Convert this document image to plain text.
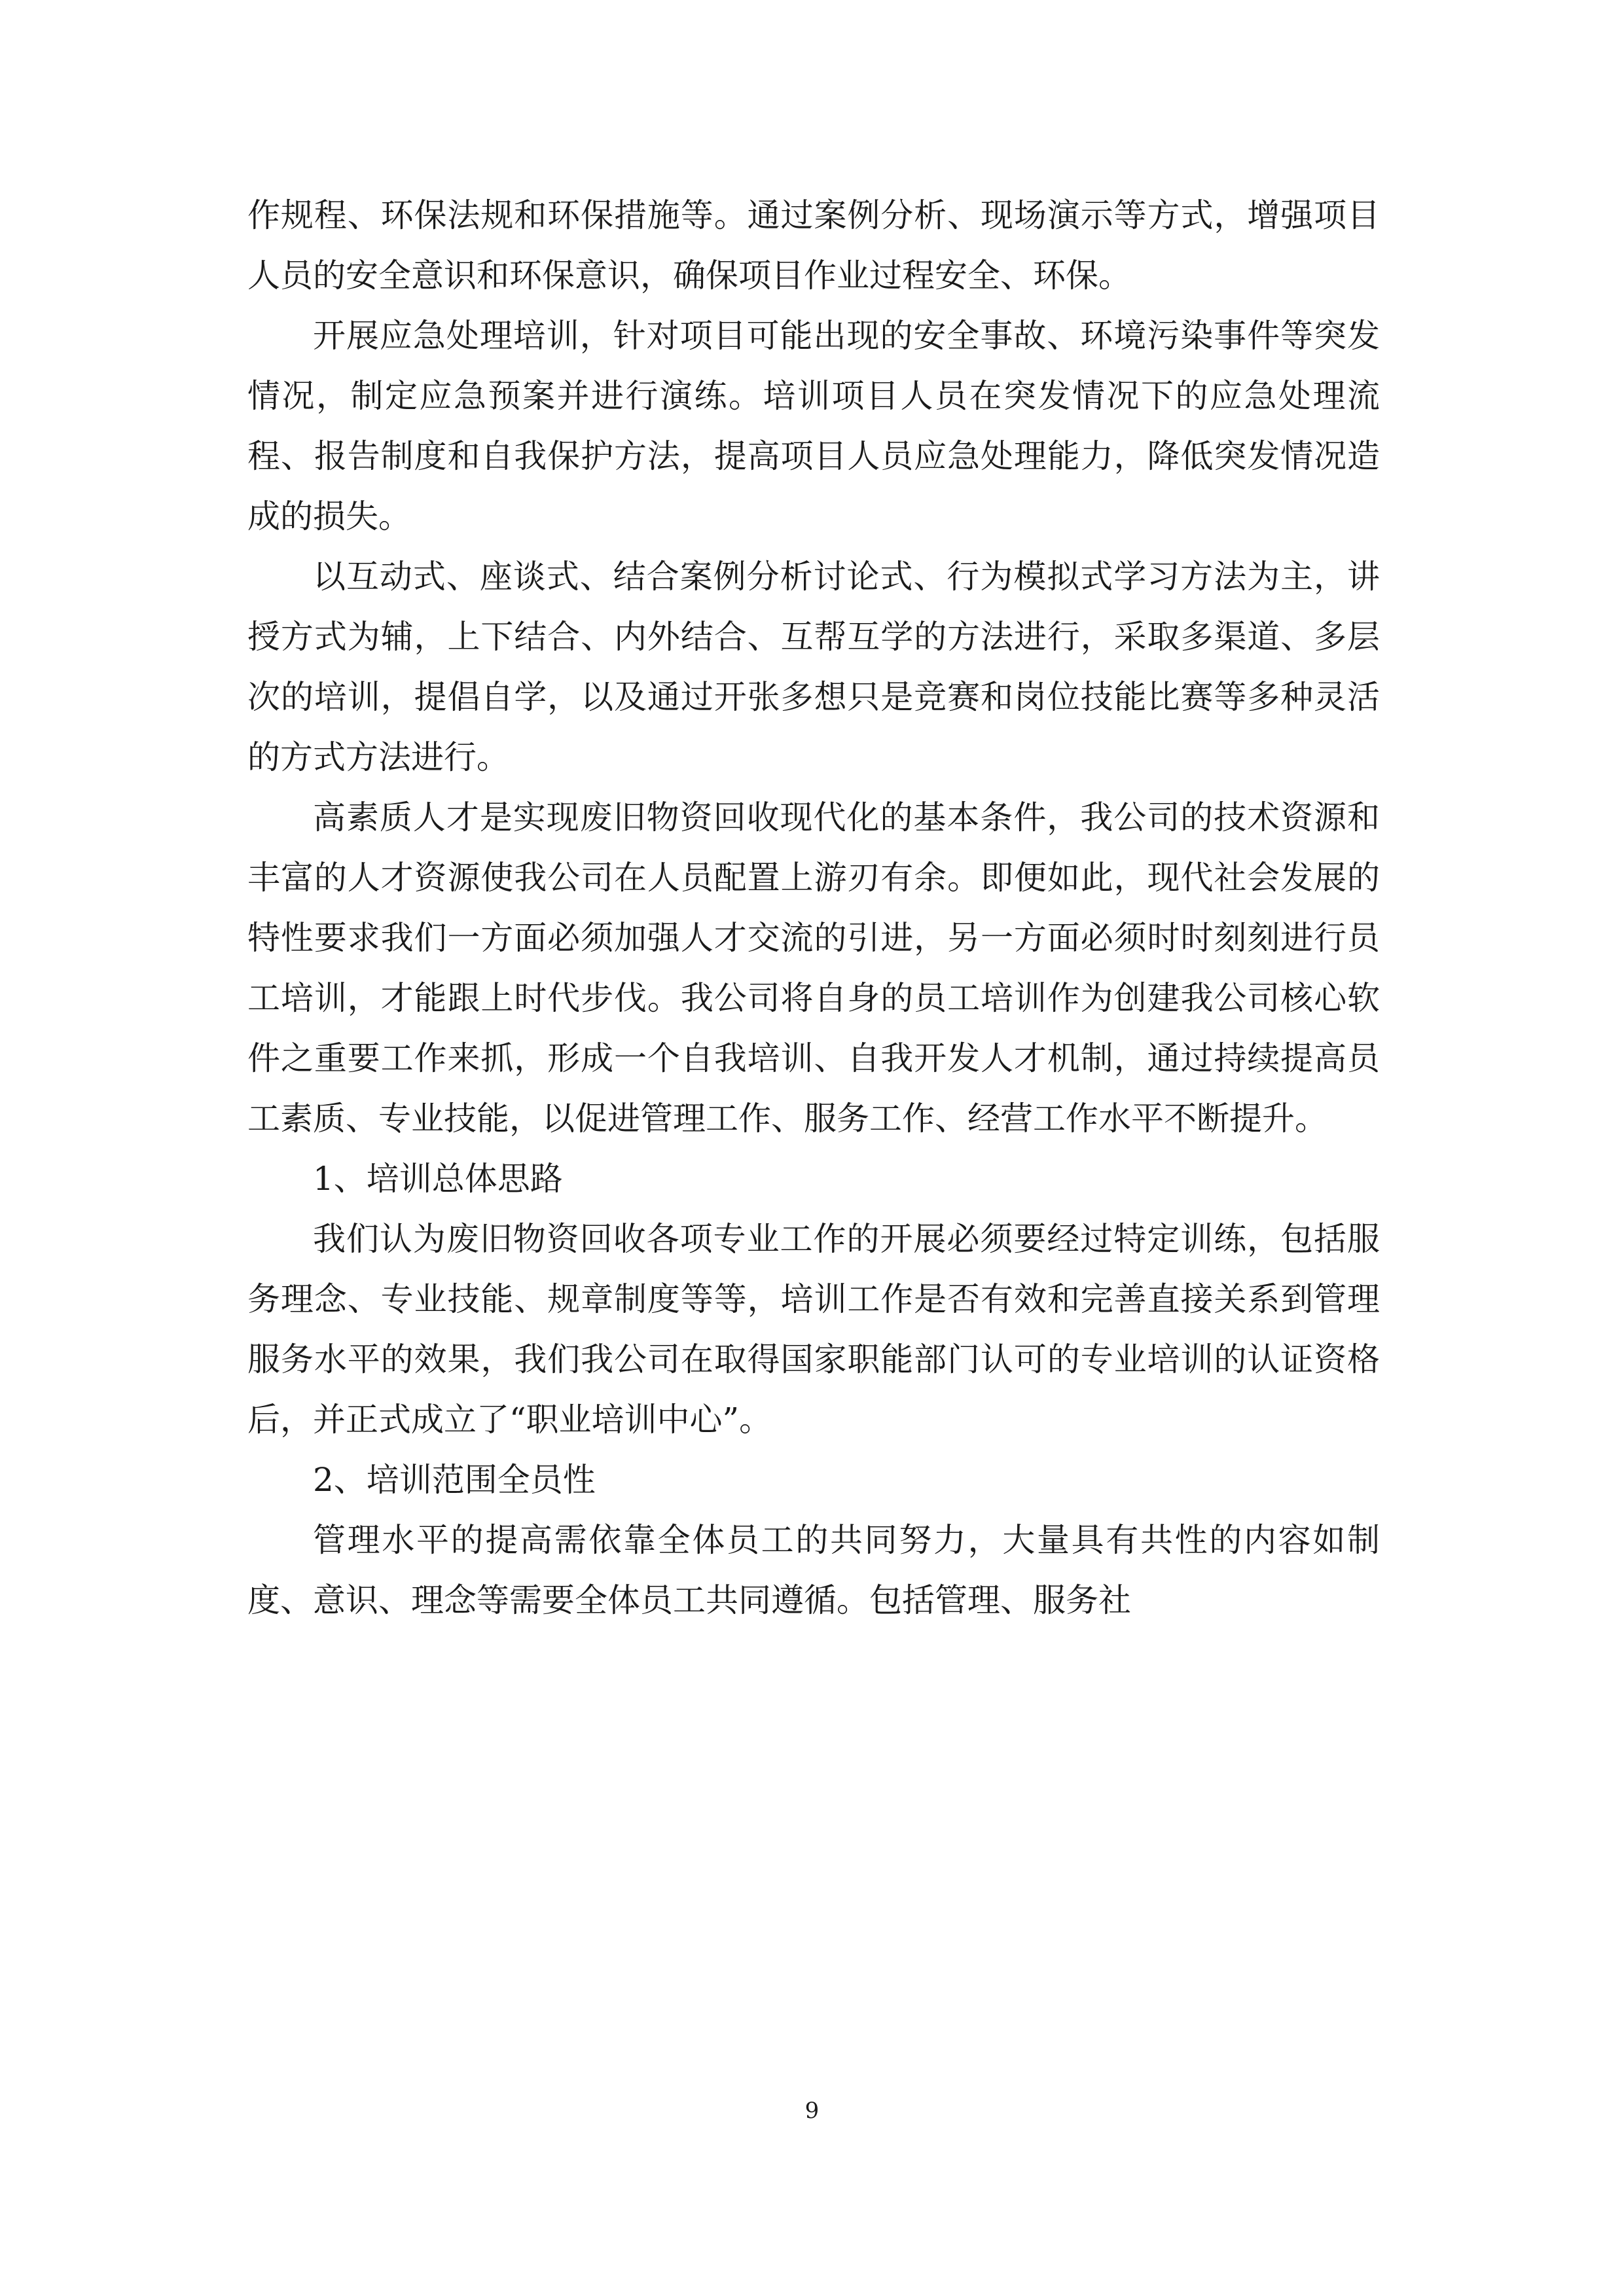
作规程、环保法规和环保措施等。通过案例分析、现场演示等方式，增强项目人员的安全意识和环保意识，确保项目作业过程安全、环保。

开展应急处理培训，针对项目可能出现的安全事故、环境污染事件等突发情况，制定应急预案并进行演练。培训项目人员在突发情况下的应急处理流程、报告制度和自我保护方法，提高项目人员应急处理能力，降低突发情况造成的损失。

以互动式、座谈式、结合案例分析讨论式、行为模拟式学习方法为主，讲授方式为辅，上下结合、内外结合、互帮互学的方法进行，采取多渠道、多层次的培训，提倡自学，以及通过开张多想只是竞赛和岗位技能比赛等多种灵活的方式方法进行。

高素质人才是实现废旧物资回收现代化的基本条件，我公司的技术资源和丰富的人才资源使我公司在人员配置上游刃有余。即便如此，现代社会发展的特性要求我们一方面必须加强人才交流的引进，另一方面必须时时刻刻进行员工培训，才能跟上时代步伐。我公司将自身的员工培训作为创建我公司核心软件之重要工作来抓，形成一个自我培训、自我开发人才机制，通过持续提高员工素质、专业技能，以促进管理工作、服务工作、经营工作水平不断提升。

1、培训总体思路

我们认为废旧物资回收各项专业工作的开展必须要经过特定训练，包括服务理念、专业技能、规章制度等等，培训工作是否有效和完善直接关系到管理服务水平的效果，我们我公司在取得国家职能部门认可的专业培训的认证资格后，并正式成立了“职业培训中心”。

2、培训范围全员性

管理水平的提高需依靠全体员工的共同努力，大量具有共性的内容如制度、意识、理念等需要全体员工共同遵循。包括管理、服务社

9
